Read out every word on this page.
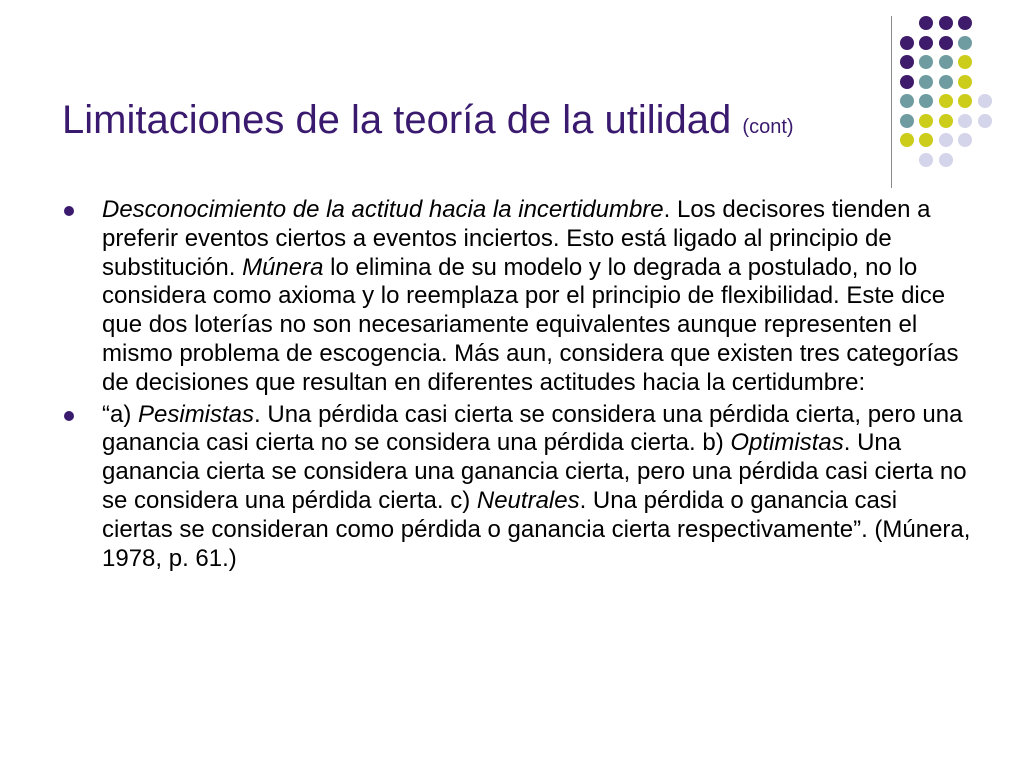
Limitaciones de la teoría de la utilidad (cont)
Desconocimiento de la actitud hacia la incertidumbre. Los decisores tienden a preferir eventos ciertos a eventos inciertos. Esto está ligado al principio de substitución. Múnera lo elimina de su modelo y lo degrada a postulado, no lo considera como axioma y lo reemplaza por el principio de flexibilidad. Este dice que dos loterías no son necesariamente equivalentes aunque representen el mismo problema de escogencia. Más aun, considera que existen tres categorías de decisiones que resultan en diferentes actitudes hacia la certidumbre:
“a) Pesimistas. Una pérdida casi cierta se considera una pérdida cierta, pero una ganancia casi cierta no se considera una pérdida cierta. b) Optimistas. Una ganancia cierta se considera una ganancia cierta, pero una pérdida casi cierta no se considera una pérdida cierta. c) Neutrales. Una pérdida o ganancia casi ciertas se consideran como pérdida o ganancia cierta respectivamente”. (Múnera, 1978, p. 61.)
